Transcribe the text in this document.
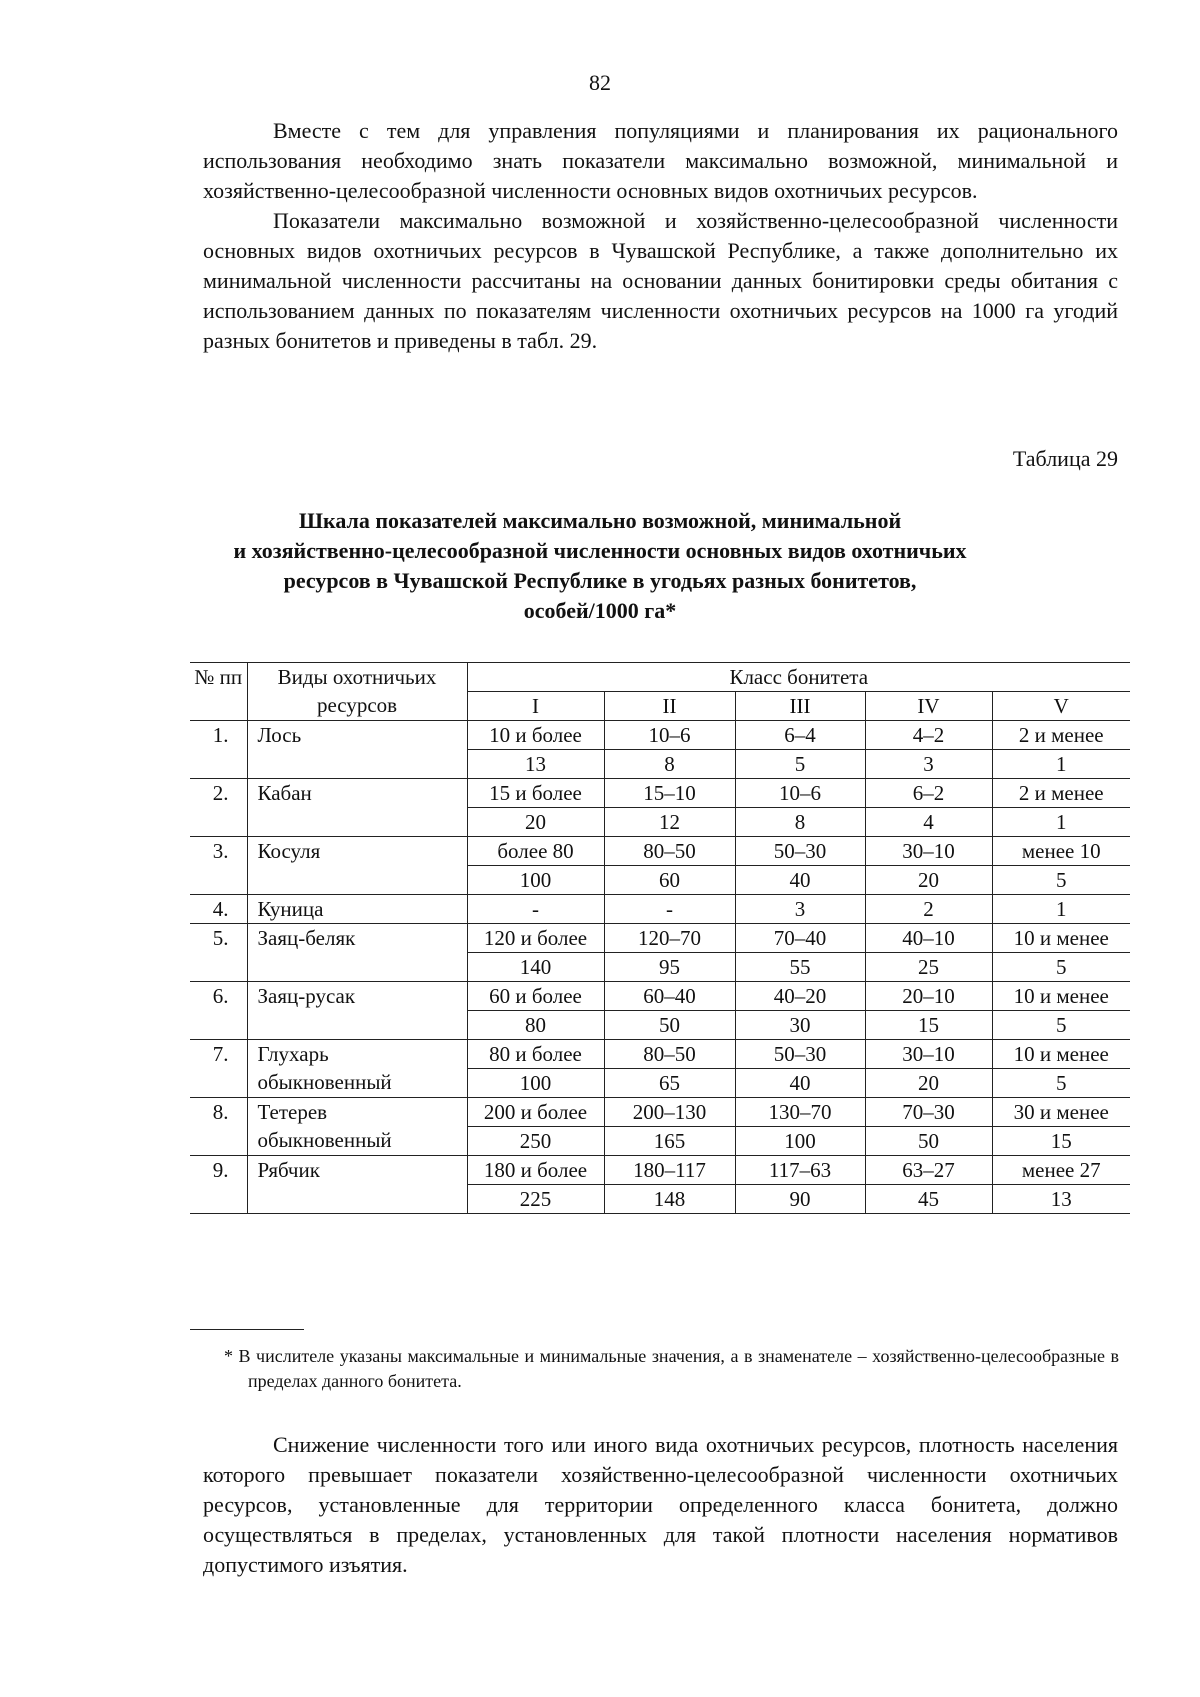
82

Вместе с тем для управления популяциями и планирования их рационального использования необходимо знать показатели максимально возможной, минимальной и хозяйственно-целесообразной численности основных видов охотничьих ресурсов.

Показатели максимально возможной и хозяйственно-целесообразной численности основных видов охотничьих ресурсов в Чувашской Республике, а также дополнительно их минимальной численности рассчитаны на основании данных бонитировки среды обитания с использованием данных по показателям численности охотничьих ресурсов на 1000 га угодий разных бонитетов и приведены в табл. 29.

Таблица 29
Шкала показателей максимально возможной, минимальной
и хозяйственно-целесообразной численности основных видов охотничьих
ресурсов в Чувашской Республике в угодьях разных бонитетов,
особей/1000 га*
№ пп	Виды охотничьих ресурсов	Класс бонитета				
		I	II	III	IV	V
1.	Лось	10 и более	10–6	6–4	4–2	2 и менее
		13	8	5	3	1
2.	Кабан	15 и более	15–10	10–6	6–2	2 и менее
		20	12	8	4	1
3.	Косуля	более 80	80–50	50–30	30–10	менее 10
		100	60	40	20	5
4.	Куница	-	-	3	2	1
5.	Заяц-беляк	120 и более	120–70	70–40	40–10	10 и менее
		140	95	55	25	5
6.	Заяц-русак	60 и более	60–40	40–20	20–10	10 и менее
		80	50	30	15	5
7.	Глухарь обыкновенный	80 и более	80–50	50–30	30–10	10 и менее
		100	65	40	20	5
8.	Тетерев обыкновенный	200 и более	200–130	130–70	70–30	30 и менее
		250	165	100	50	15
9.	Рябчик	180 и более	180–117	117–63	63–27	менее 27
		225	148	90	45	13
* В числителе указаны максимальные и минимальные значения, а в знаменателе – хозяйственно-целесообразные в пределах данного бонитета.

Снижение численности того или иного вида охотничьих ресурсов, плотность населения которого превышает показатели хозяйственно-целесообразной численности охотничьих ресурсов, установленные для территории определенного класса бонитета, должно осуществляться в пределах, установленных для такой плотности населения нормативов допустимого изъятия.
